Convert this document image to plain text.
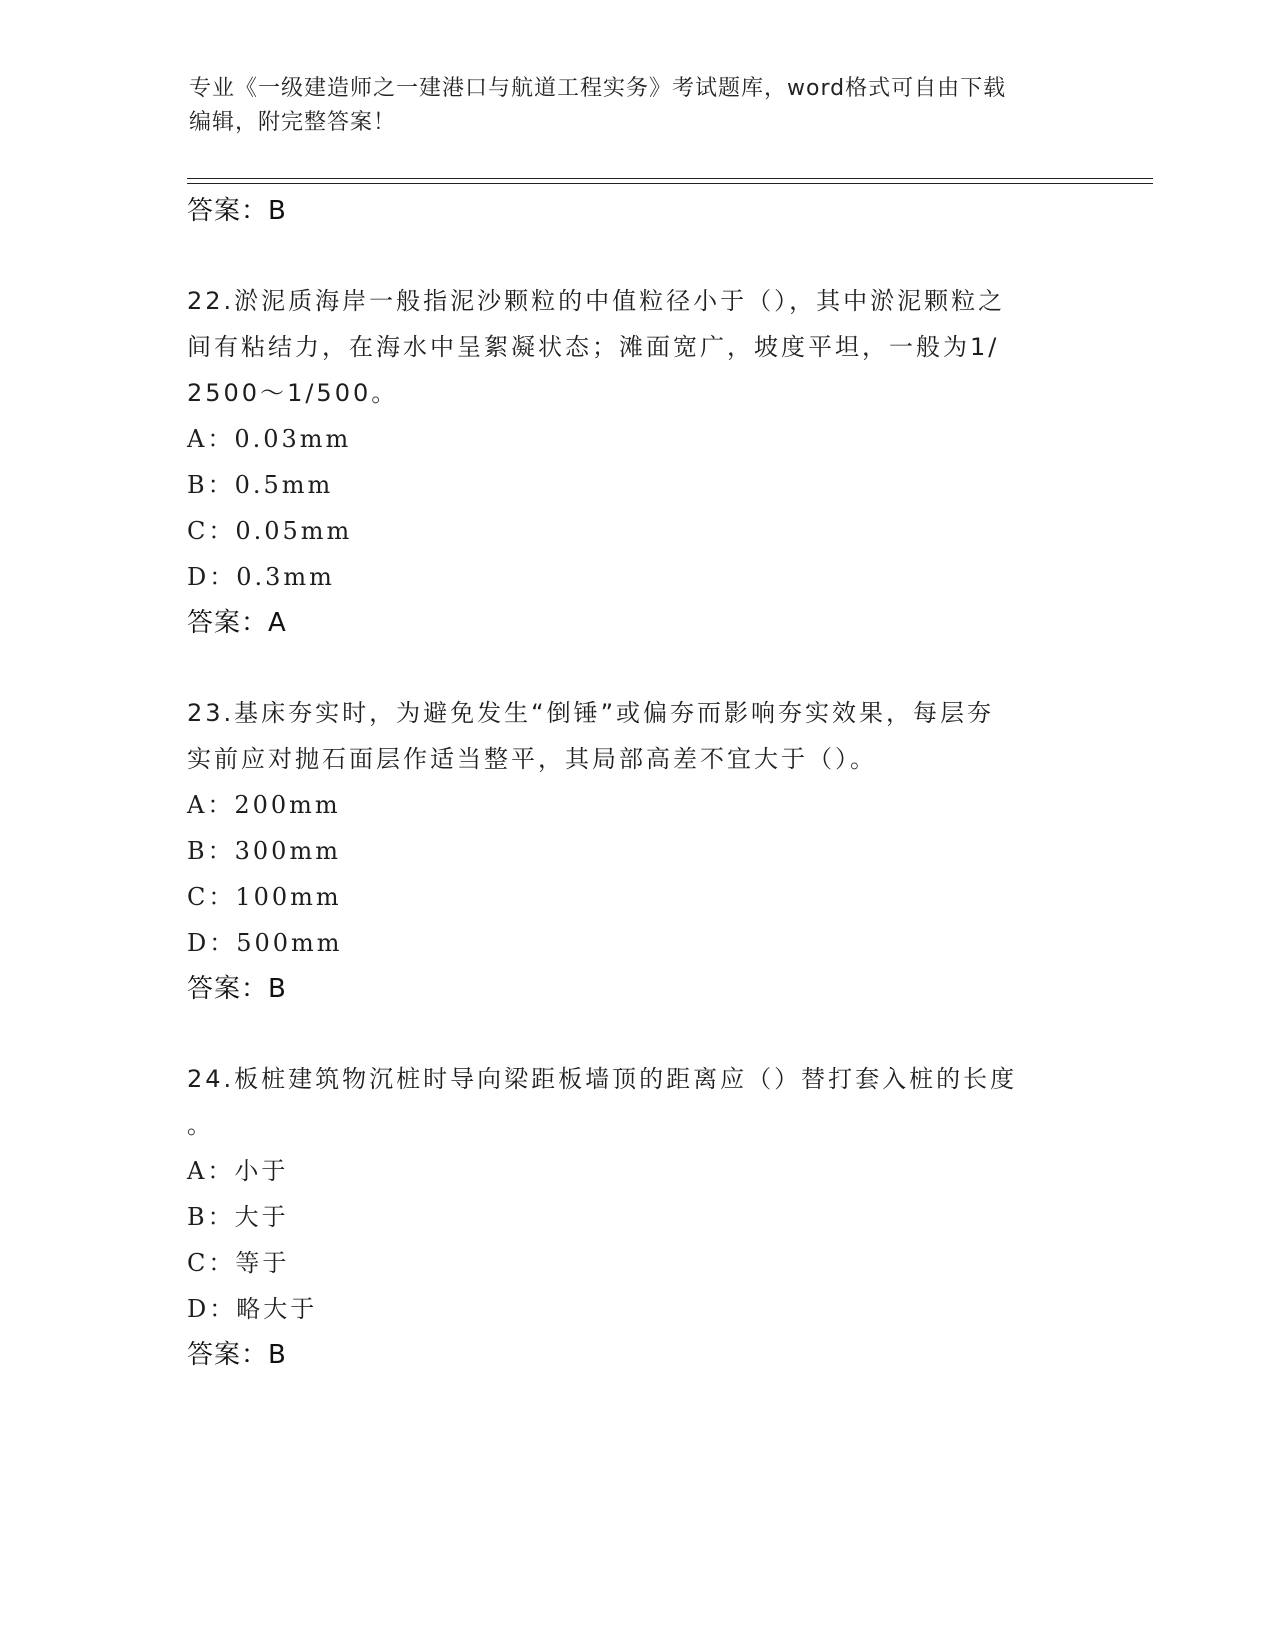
专业《一级建造师之一建港口与航道工程实务》考试题库，word格式可自由下载
编辑，附完整答案！
答案：B
22.淤泥质海岸一般指泥沙颗粒的中值粒径小于（），其中淤泥颗粒之
间有粘结力，在海水中呈絮凝状态；滩面宽广，坡度平坦，一般为1/
2500～1/500。
A：0.03mm
B：0.5mm
C：0.05mm
D：0.3mm
答案：A
23.基床夯实时，为避免发生“倒锤”或偏夯而影响夯实效果，每层夯
实前应对抛石面层作适当整平，其局部高差不宜大于（）。
A：200mm
B：300mm
C：100mm
D：500mm
答案：B
24.板桩建筑物沉桩时导向梁距板墙顶的距离应（）替打套入桩的长度
。
A：小于
B：大于
C：等于
D：略大于
答案：B
